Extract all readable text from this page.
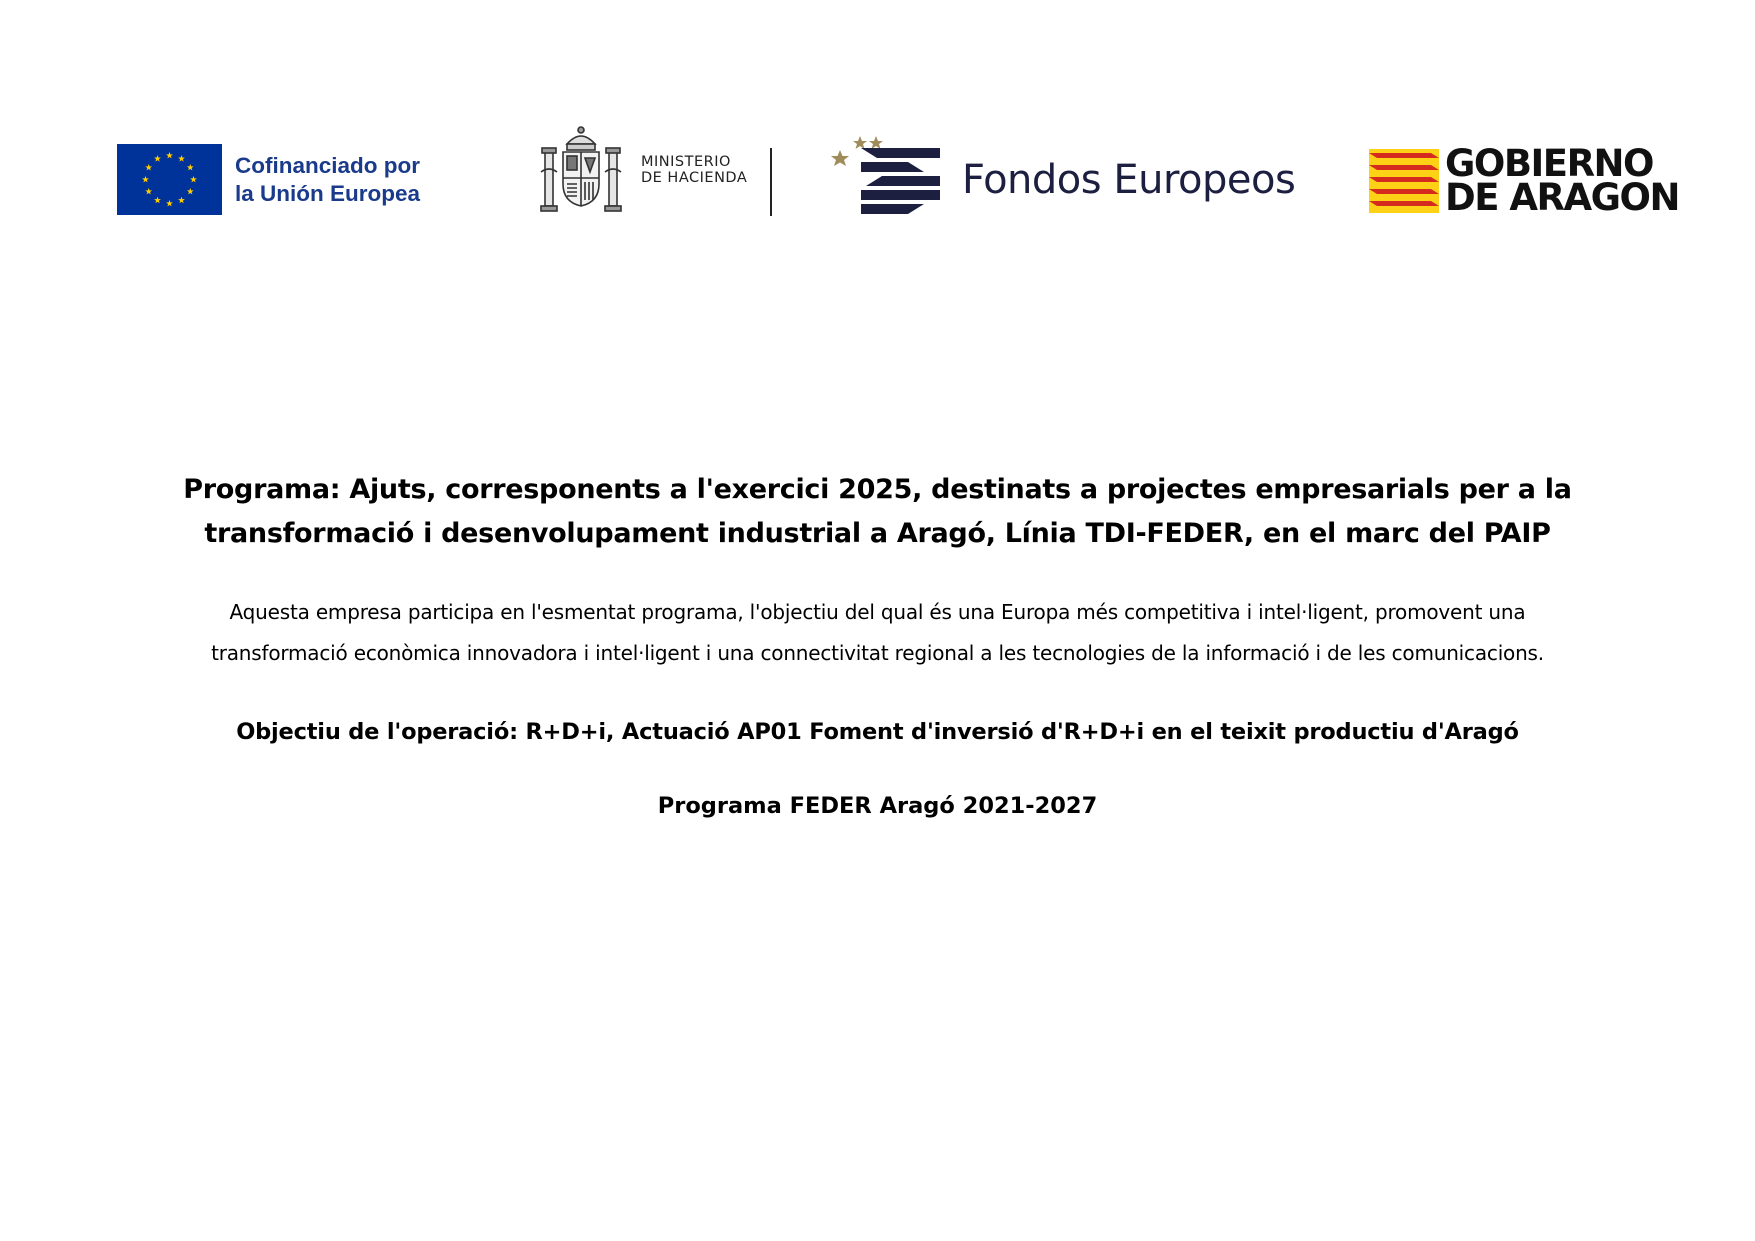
Cofinanciado por
la Unión Europea
MINISTERIO
DE HACIENDA	Fondos Europeos	GOBIERNO
DE ARAGON

Programa: Ajuts, corresponents a l'exercici 2025, destinats a projectes empresarials per a la
transformació i desenvolupament industrial a Aragó, Línia TDI-FEDER, en el marc del PAIP

Aquesta empresa participa en l'esmentat programa, l'objectiu del qual és una Europa més competitiva i intel·ligent, promovent una
transformació econòmica innovadora i intel·ligent i una connectivitat regional a les tecnologies de la informació i de les comunicacions.

Objectiu de l'operació: R+D+i, Actuació AP01 Foment d'inversió d'R+D+i en el teixit productiu d'Aragó

Programa FEDER Aragó 2021-2027
